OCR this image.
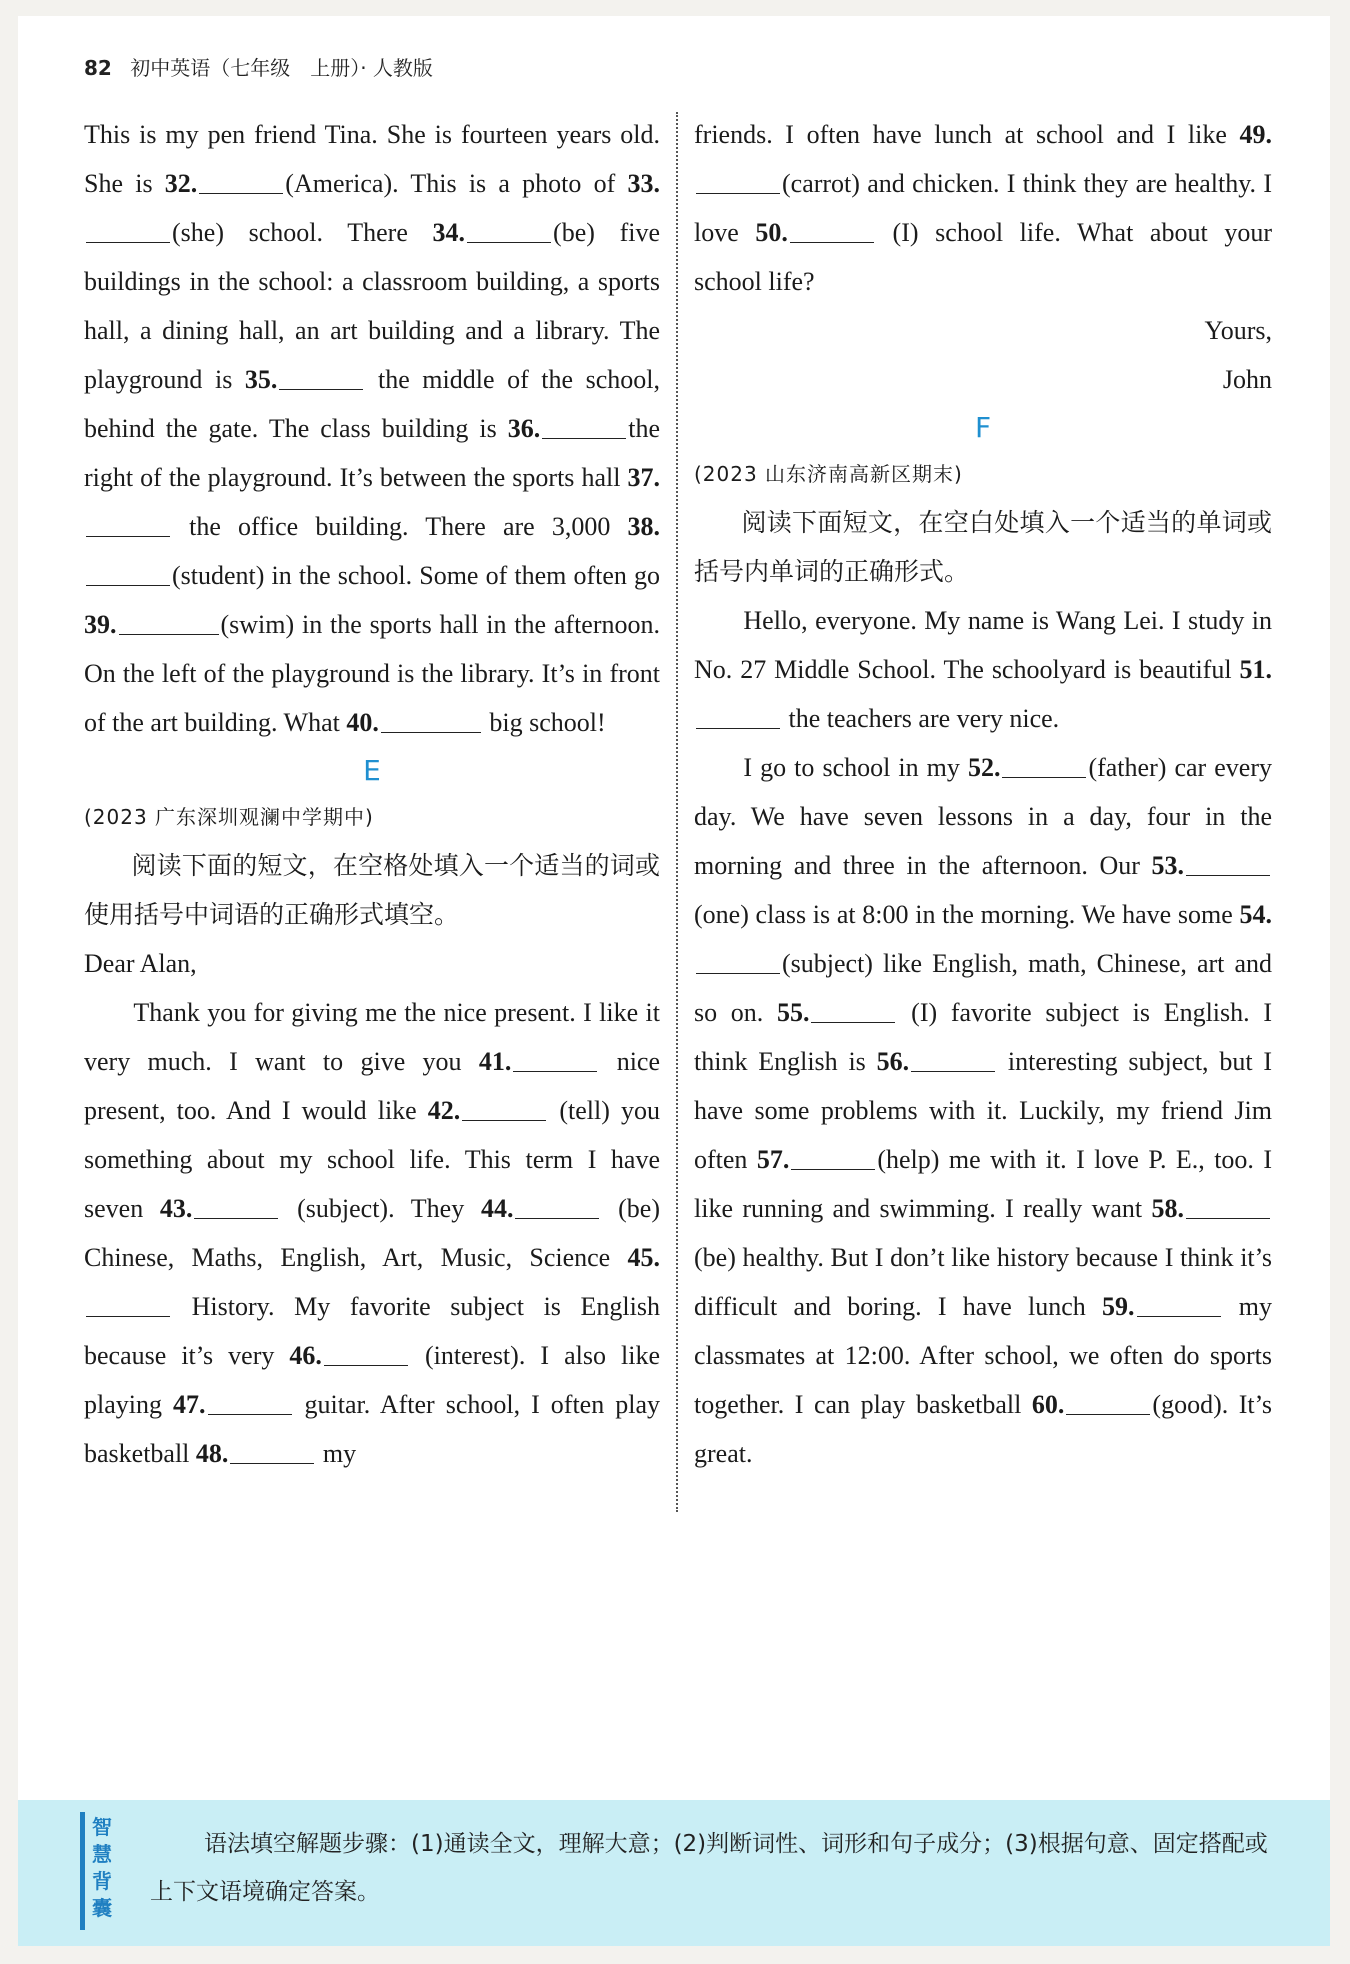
82 初中英语（七年级　上册）· 人教版

This is my pen friend Tina. She is fourteen years old. She is 32.	(America). This is a photo of 33.(she) school. There 34.	(be) five buildings in the school: a classroom building, a sports hall, a dining hall, an art building and a library. The playground is 35.	the middle of the school, behind the gate. The class building is 36.	the right of the playground. It’s between the sports hall 37. the office building. There are 3,000 38.(student) in the school. Some of them often go 39.	(swim) in the sports hall in the afternoon. On the left of the playground is the library. It’s in front of the art building. What 40.	big school!

E
(2023 广东深圳观澜中学期中)

阅读下面的短文，在空格处填入一个适当的词或使用括号中词语的正确形式填空。

Dear Alan,

Thank you for giving me the nice present. I like it very much. I want to give you 41.	nice present, too. And I would like 42.	(tell) you something about my school life. This term I have seven 43.	(subject). They 44.	(be) Chinese, Maths, English, Art, Music, Science 45. History. My favorite subject is English because it’s very 46.	(interest). I also like playing 47.	guitar. After school, I often play basketball 48.	my

friends. I often have lunch at school and I like 49.(carrot) and chicken. I think they are healthy. I love 50.	(I) school life. What about your school life?

Yours,
John
F
(2023 山东济南高新区期末)

阅读下面短文，在空白处填入一个适当的单词或括号内单词的正确形式。

Hello, everyone. My name is Wang Lei. I study in No. 27 Middle School. The schoolyard is beautiful 51. the teachers are very nice.

I go to school in my 52.	(father) car every day. We have seven lessons in a day, four in the morning and three in the afternoon. Our 53.(one) class is at 8:00 in the morning. We have some 54.(subject) like English, math, Chinese, art and so on. 55.	(I) favorite subject is English. I think English is 56.	interesting subject, but I have some problems with it. Luckily, my friend Jim often 57.	(help) me with it. I love P. E., too. I like running and swimming. I really want 58.(be) healthy. But I don’t like history because I think it’s difficult and boring. I have lunch 59.	my classmates at 12:00. After school, we often do sports together. I can play basketball 60.	(good). It’s great.

智慧背囊
语法填空解题步骤：(1)通读全文，理解大意；(2)判断词性、词形和句子成分；(3)根据句意、固定搭配或上下文语境确定答案。
